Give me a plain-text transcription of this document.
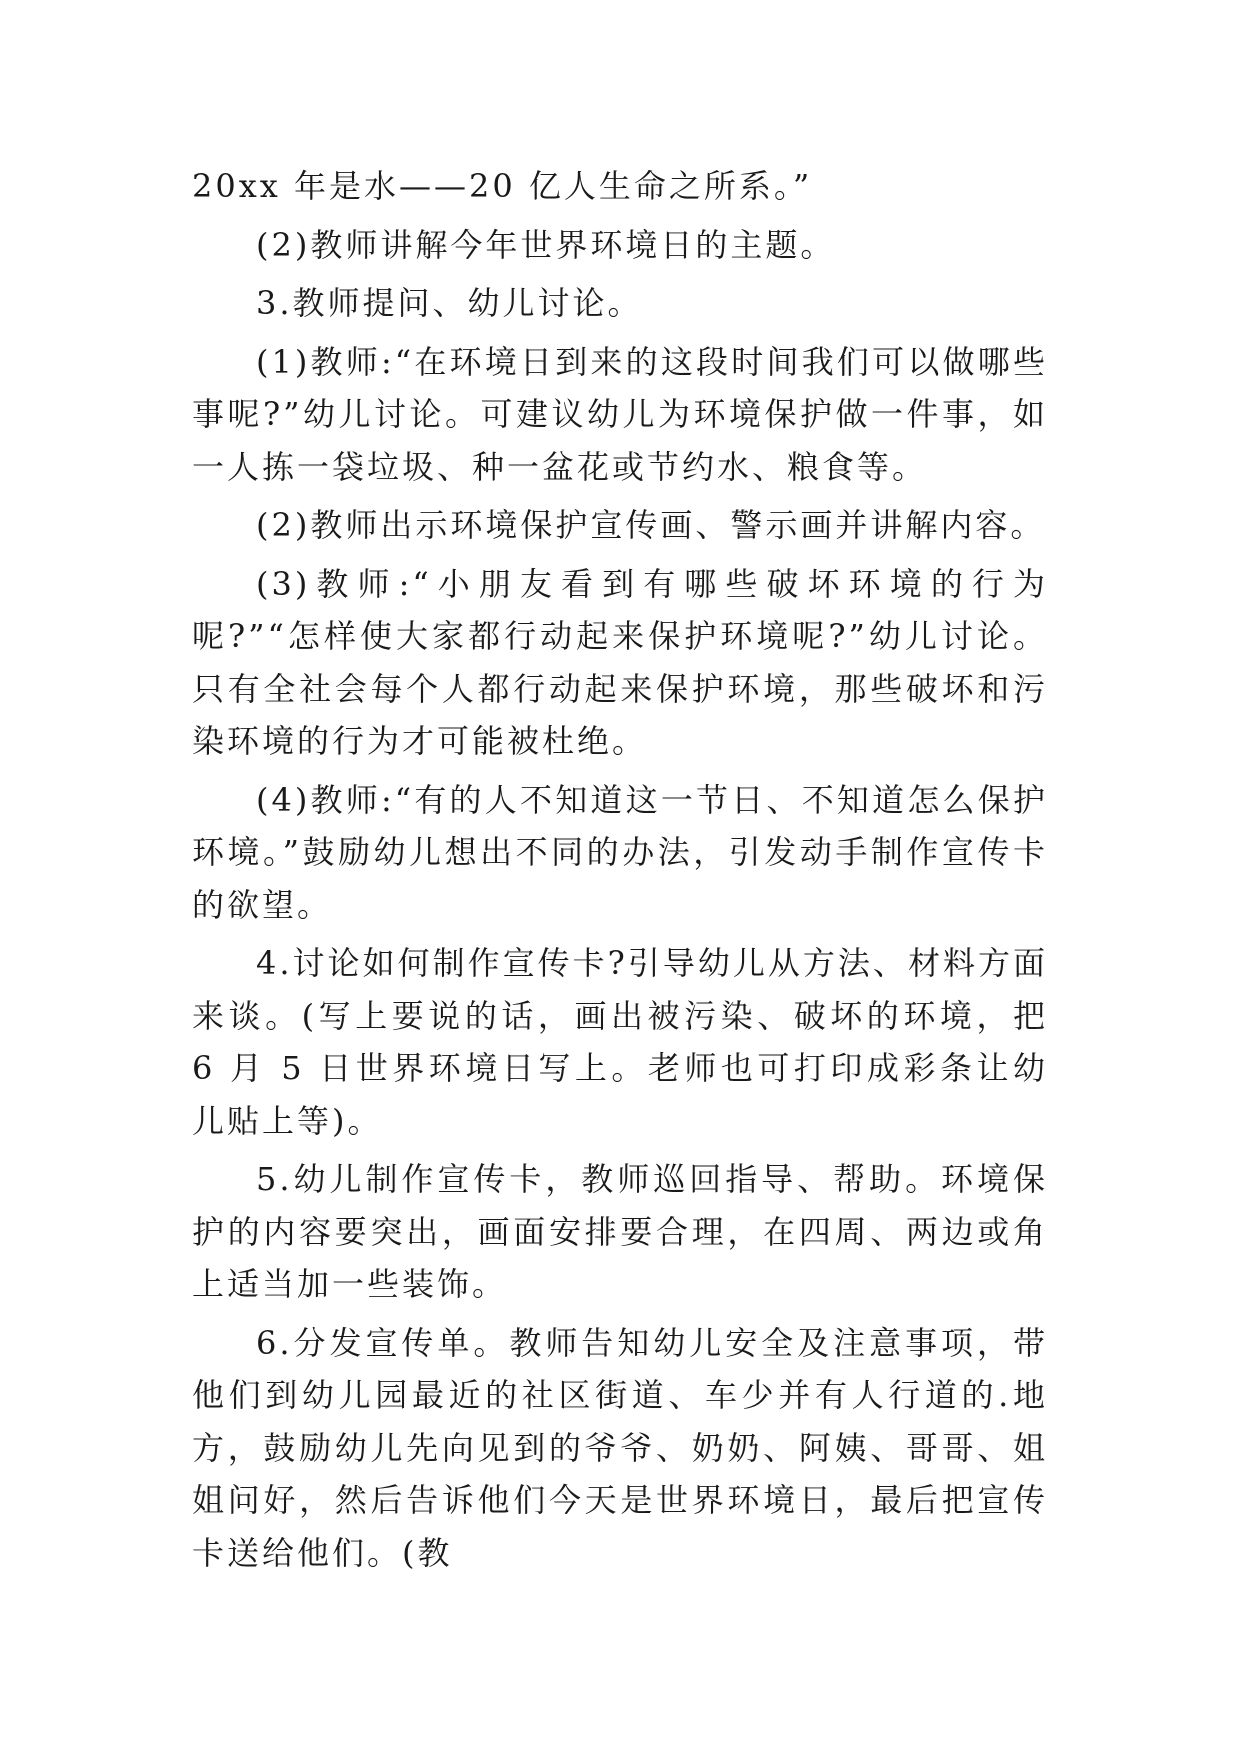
20xx 年是水——20 亿人生命之所系。”

(2)教师讲解今年世界环境日的主题。

3.教师提问、幼儿讨论。

(1)教师:“在环境日到来的这段时间我们可以做哪些事呢?”幼儿讨论。可建议幼儿为环境保护做一件事，如一人拣一袋垃圾、种一盆花或节约水、粮食等。

(2)教师出示环境保护宣传画、警示画并讲解内容。

(3)教师:“小朋友看到有哪些破坏环境的行为呢?”“怎样使大家都行动起来保护环境呢?”幼儿讨论。只有全社会每个人都行动起来保护环境，那些破坏和污染环境的行为才可能被杜绝。

(4)教师:“有的人不知道这一节日、不知道怎么保护环境。”鼓励幼儿想出不同的办法，引发动手制作宣传卡的欲望。

4.讨论如何制作宣传卡?引导幼儿从方法、材料方面来谈。(写上要说的话，画出被污染、破坏的环境，把 6 月 5 日世界环境日写上。老师也可打印成彩条让幼儿贴上等)。

5.幼儿制作宣传卡，教师巡回指导、帮助。环境保护的内容要突出，画面安排要合理，在四周、两边或角上适当加一些装饰。

6.分发宣传单。教师告知幼儿安全及注意事项，带他们到幼儿园最近的社区街道、车少并有人行道的.地方，鼓励幼儿先向见到的爷爷、奶奶、阿姨、哥哥、姐姐问好，然后告诉他们今天是世界环境日，最后把宣传卡送给他们。(教
